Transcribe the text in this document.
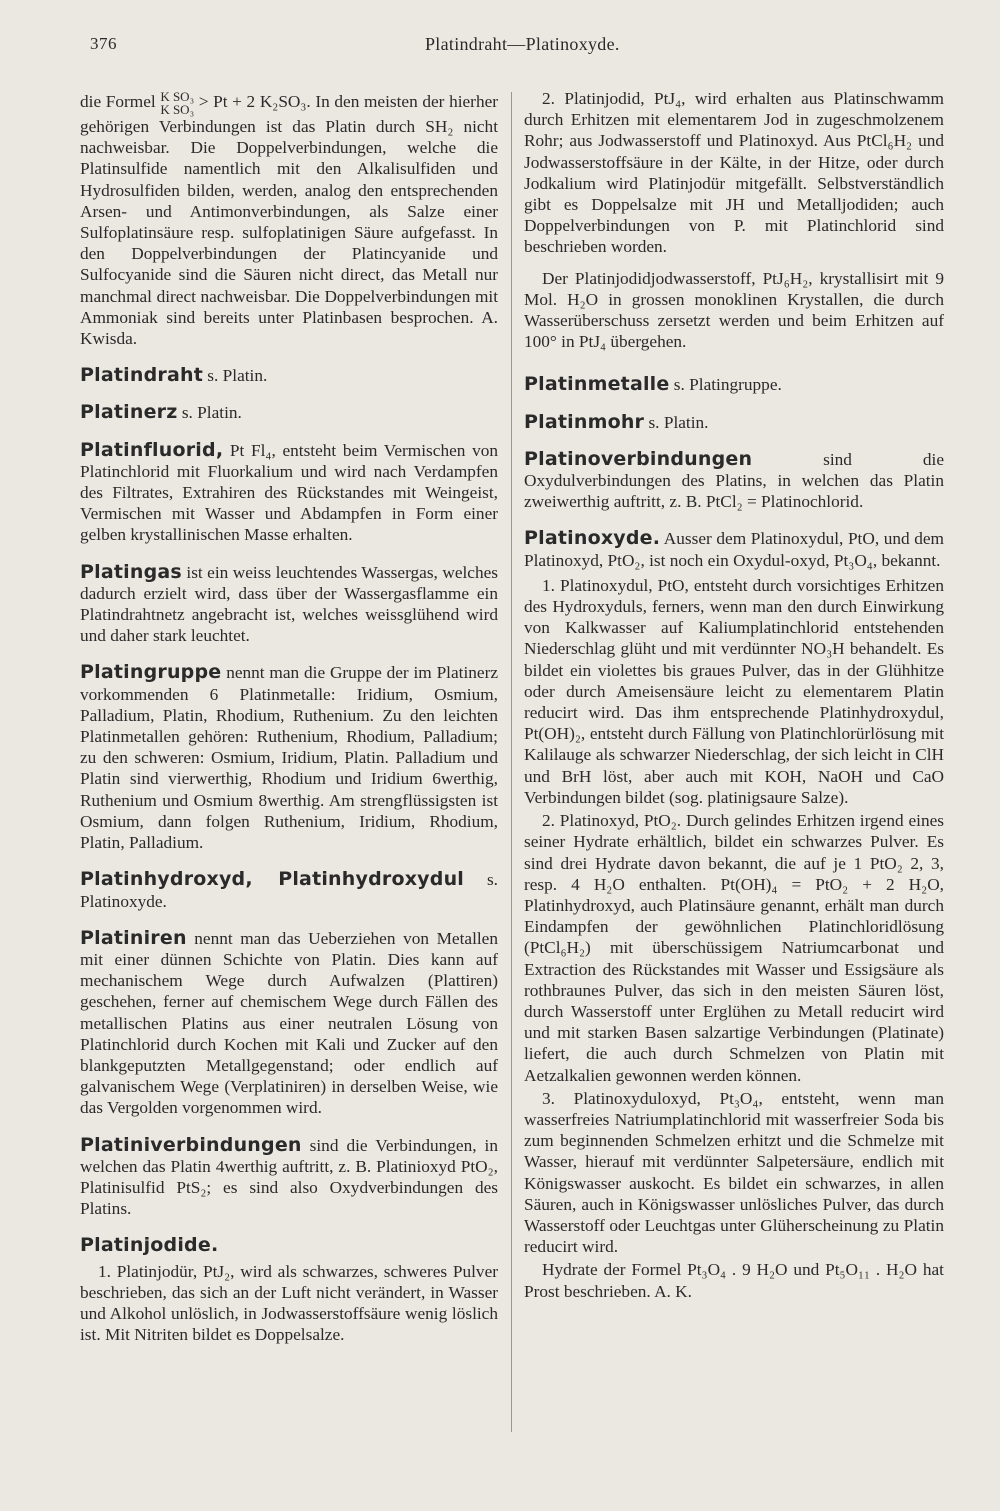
376	Platindraht—Platinoxyde.

die Formel K SO₃
K SO₃ > Pt + 2 K₂SO₃. In den meisten der hierher gehörigen Verbindungen ist das Platin durch SH₂ nicht nachweisbar. Die Doppelverbindungen, welche die Platinsulfide namentlich mit den Alkalisulfiden und Hydrosulfiden bilden, werden, analog den entsprechenden Arsen- und Antimonverbindungen, als Salze einer Sulfoplatinsäure resp. sulfoplatinigen Säure aufgefasst. In den Doppelverbindungen der Platincyanide und Sulfocyanide sind die Säuren nicht direct, das Metall nur manchmal direct nachweisbar. Die Doppelverbindungen mit Ammoniak sind bereits unter Platinbasen besprochen. A. Kwisda.

Platindraht s. Platin.

Platinerz s. Platin.

Platinfluorid, Pt Fl₄, entsteht beim Vermischen von Platinchlorid mit Fluorkalium und wird nach Verdampfen des Filtrates, Extrahiren des Rückstandes mit Weingeist, Vermischen mit Wasser und Abdampfen in Form einer gelben krystallinischen Masse erhalten.

Platingas ist ein weiss leuchtendes Wassergas, welches dadurch erzielt wird, dass über der Wassergasflamme ein Platindrahtnetz angebracht ist, welches weissglühend wird und daher stark leuchtet.

Platingruppe nennt man die Gruppe der im Platinerz vorkommenden 6 Platinmetalle: Iridium, Osmium, Palladium, Platin, Rhodium, Ruthenium. Zu den leichten Platinmetallen gehören: Ruthenium, Rhodium, Palladium; zu den schweren: Osmium, Iridium, Platin. Palladium und Platin sind vierwerthig, Rhodium und Iridium 6werthig, Ruthenium und Osmium 8werthig. Am strengflüssigsten ist Osmium, dann folgen Ruthenium, Iridium, Rhodium, Platin, Palladium.

Platinhydroxyd, Platinhydroxydul s. Platinoxyde.

Platiniren nennt man das Ueberziehen von Metallen mit einer dünnen Schichte von Platin. Dies kann auf mechanischem Wege durch Aufwalzen (Plattiren) geschehen, ferner auf chemischem Wege durch Fällen des metallischen Platins aus einer neutralen Lösung von Platinchlorid durch Kochen mit Kali und Zucker auf den blankgeputzten Metallgegenstand; oder endlich auf galvanischem Wege (Verplatiniren) in derselben Weise, wie das Vergolden vorgenommen wird.

Platiniverbindungen sind die Verbindungen, in welchen das Platin 4werthig auftritt, z. B. Platinioxyd PtO₂, Platinisulfid PtS₂; es sind also Oxydverbindungen des Platins.

Platinjodide.

1. Platinjodür, PtJ₂, wird als schwarzes, schweres Pulver beschrieben, das sich an der Luft nicht verändert, in Wasser und Alkohol unlöslich, in Jodwasserstoffsäure wenig löslich ist. Mit Nitriten bildet es Doppelsalze.

2. Platinjodid, PtJ₄, wird erhalten aus Platinschwamm durch Erhitzen mit elementarem Jod in zugeschmolzenem Rohr; aus Jodwasserstoff und Platinoxyd. Aus PtCl₆H₂ und Jodwasserstoffsäure in der Kälte, in der Hitze, oder durch Jodkalium wird Platinjodür mitgefällt. Selbstverständlich gibt es Doppelsalze mit JH und Metalljodiden; auch Doppelverbindungen von P. mit Platinchlorid sind beschrieben worden.

Der Platinjodidjodwasserstoff, PtJ₆H₂, krystallisirt mit 9 Mol. H₂O in grossen monoklinen Krystallen, die durch Wasserüberschuss zersetzt werden und beim Erhitzen auf 100° in PtJ₄ übergehen.

Platinmetalle s. Platingruppe.

Platinmohr s. Platin.

Platinoverbindungen sind die Oxydulverbindungen des Platins, in welchen das Platin zweiwerthig auftritt, z. B. PtCl₂ = Platinochlorid.

Platinoxyde. Ausser dem Platinoxydul, PtO, und dem Platinoxyd, PtO₂, ist noch ein Oxydul-oxyd, Pt₃O₄, bekannt.

1. Platinoxydul, PtO, entsteht durch vorsichtiges Erhitzen des Hydroxyduls, ferners, wenn man den durch Einwirkung von Kalkwasser auf Kaliumplatinchlorid entstehenden Niederschlag glüht und mit verdünnter NO₃H behandelt. Es bildet ein violettes bis graues Pulver, das in der Glühhitze oder durch Ameisensäure leicht zu elementarem Platin reducirt wird. Das ihm entsprechende Platinhydroxydul, Pt(OH)₂, entsteht durch Fällung von Platinchlorürlösung mit Kalilauge als schwarzer Niederschlag, der sich leicht in ClH und BrH löst, aber auch mit KOH, NaOH und CaO Verbindungen bildet (sog. platinigsaure Salze).

2. Platinoxyd, PtO₂. Durch gelindes Erhitzen irgend eines seiner Hydrate erhältlich, bildet ein schwarzes Pulver. Es sind drei Hydrate davon bekannt, die auf je 1 PtO₂ 2, 3, resp. 4 H₂O enthalten. Pt(OH)₄ = PtO₂ + 2 H₂O, Platinhydroxyd, auch Platinsäure genannt, erhält man durch Eindampfen der gewöhnlichen Platinchloridlösung (PtCl₆H₂) mit überschüssigem Natriumcarbonat und Extraction des Rückstandes mit Wasser und Essigsäure als rothbraunes Pulver, das sich in den meisten Säuren löst, durch Wasserstoff unter Erglühen zu Metall reducirt wird und mit starken Basen salzartige Verbindungen (Platinate) liefert, die auch durch Schmelzen von Platin mit Aetzalkalien gewonnen werden können.

3. Platinoxyduloxyd, Pt₃O₄, entsteht, wenn man wasserfreies Natriumplatinchlorid mit wasserfreier Soda bis zum beginnenden Schmelzen erhitzt und die Schmelze mit Wasser, hierauf mit verdünnter Salpetersäure, endlich mit Königswasser auskocht. Es bildet ein schwarzes, in allen Säuren, auch in Königswasser unlösliches Pulver, das durch Wasserstoff oder Leuchtgas unter Glüherscheinung zu Platin reducirt wird.

Hydrate der Formel Pt₃O₄ . 9 H₂O und Pt₅O₁₁ . H₂O hat Prost beschrieben. A. K.
